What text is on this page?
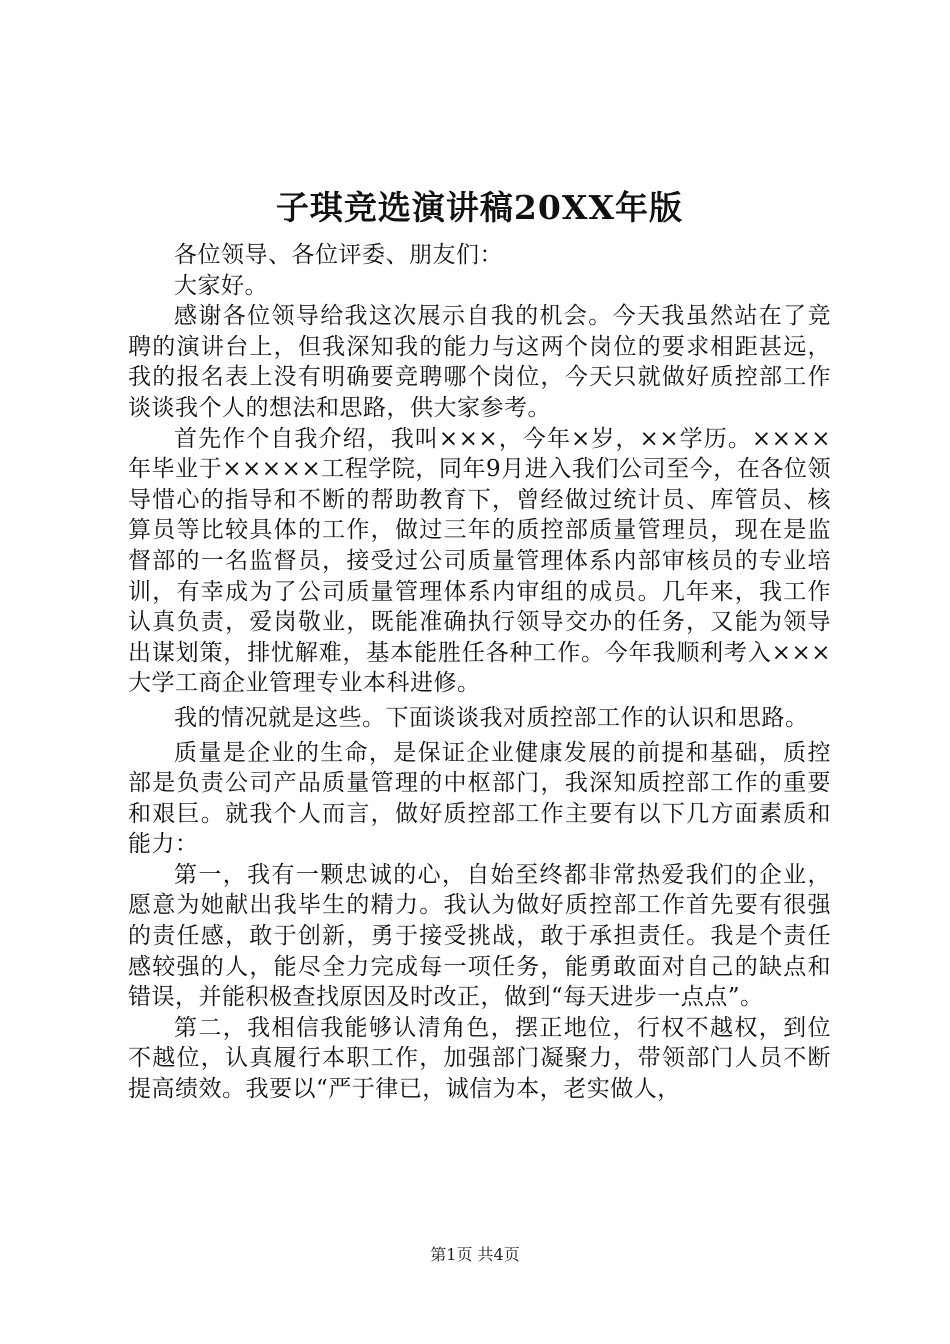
子琪竞选演讲稿20XX年版

各位领导、各位评委、朋友们：

大家好。

感谢各位领导给我这次展示自我的机会。今天我虽然站在了竞聘的演讲台上，但我深知我的能力与这两个岗位的要求相距甚远，我的报名表上没有明确要竞聘哪个岗位，今天只就做好质控部工作谈谈我个人的想法和思路，供大家参考。

首先作个自我介绍，我叫×××，今年×岁，××学历。××××年毕业于×××××工程学院，同年9月进入我们公司至今，在各位领导惜心的指导和不断的帮助教育下，曾经做过统计员、库管员、核算员等比较具体的工作，做过三年的质控部质量管理员，现在是监督部的一名监督员，接受过公司质量管理体系内部审核员的专业培训，有幸成为了公司质量管理体系内审组的成员。几年来，我工作认真负责，爱岗敬业，既能准确执行领导交办的任务，又能为领导出谋划策，排忧解难，基本能胜任各种工作。今年我顺利考入×××大学工商企业管理专业本科进修。

我的情况就是这些。下面谈谈我对质控部工作的认识和思路。

质量是企业的生命，是保证企业健康发展的前提和基础，质控部是负责公司产品质量管理的中枢部门，我深知质控部工作的重要和艰巨。就我个人而言，做好质控部工作主要有以下几方面素质和能力：

第一，我有一颗忠诚的心，自始至终都非常热爱我们的企业，愿意为她献出我毕生的精力。我认为做好质控部工作首先要有很强的责任感，敢于创新，勇于接受挑战，敢于承担责任。我是个责任感较强的人，能尽全力完成每一项任务，能勇敢面对自己的缺点和错误，并能积极查找原因及时改正，做到“每天进步一点点”。

第二，我相信我能够认清角色，摆正地位，行权不越权，到位不越位，认真履行本职工作，加强部门凝聚力，带领部门人员不断提高绩效。我要以“严于律已，诚信为本，老实做人，

第1页 共4页
